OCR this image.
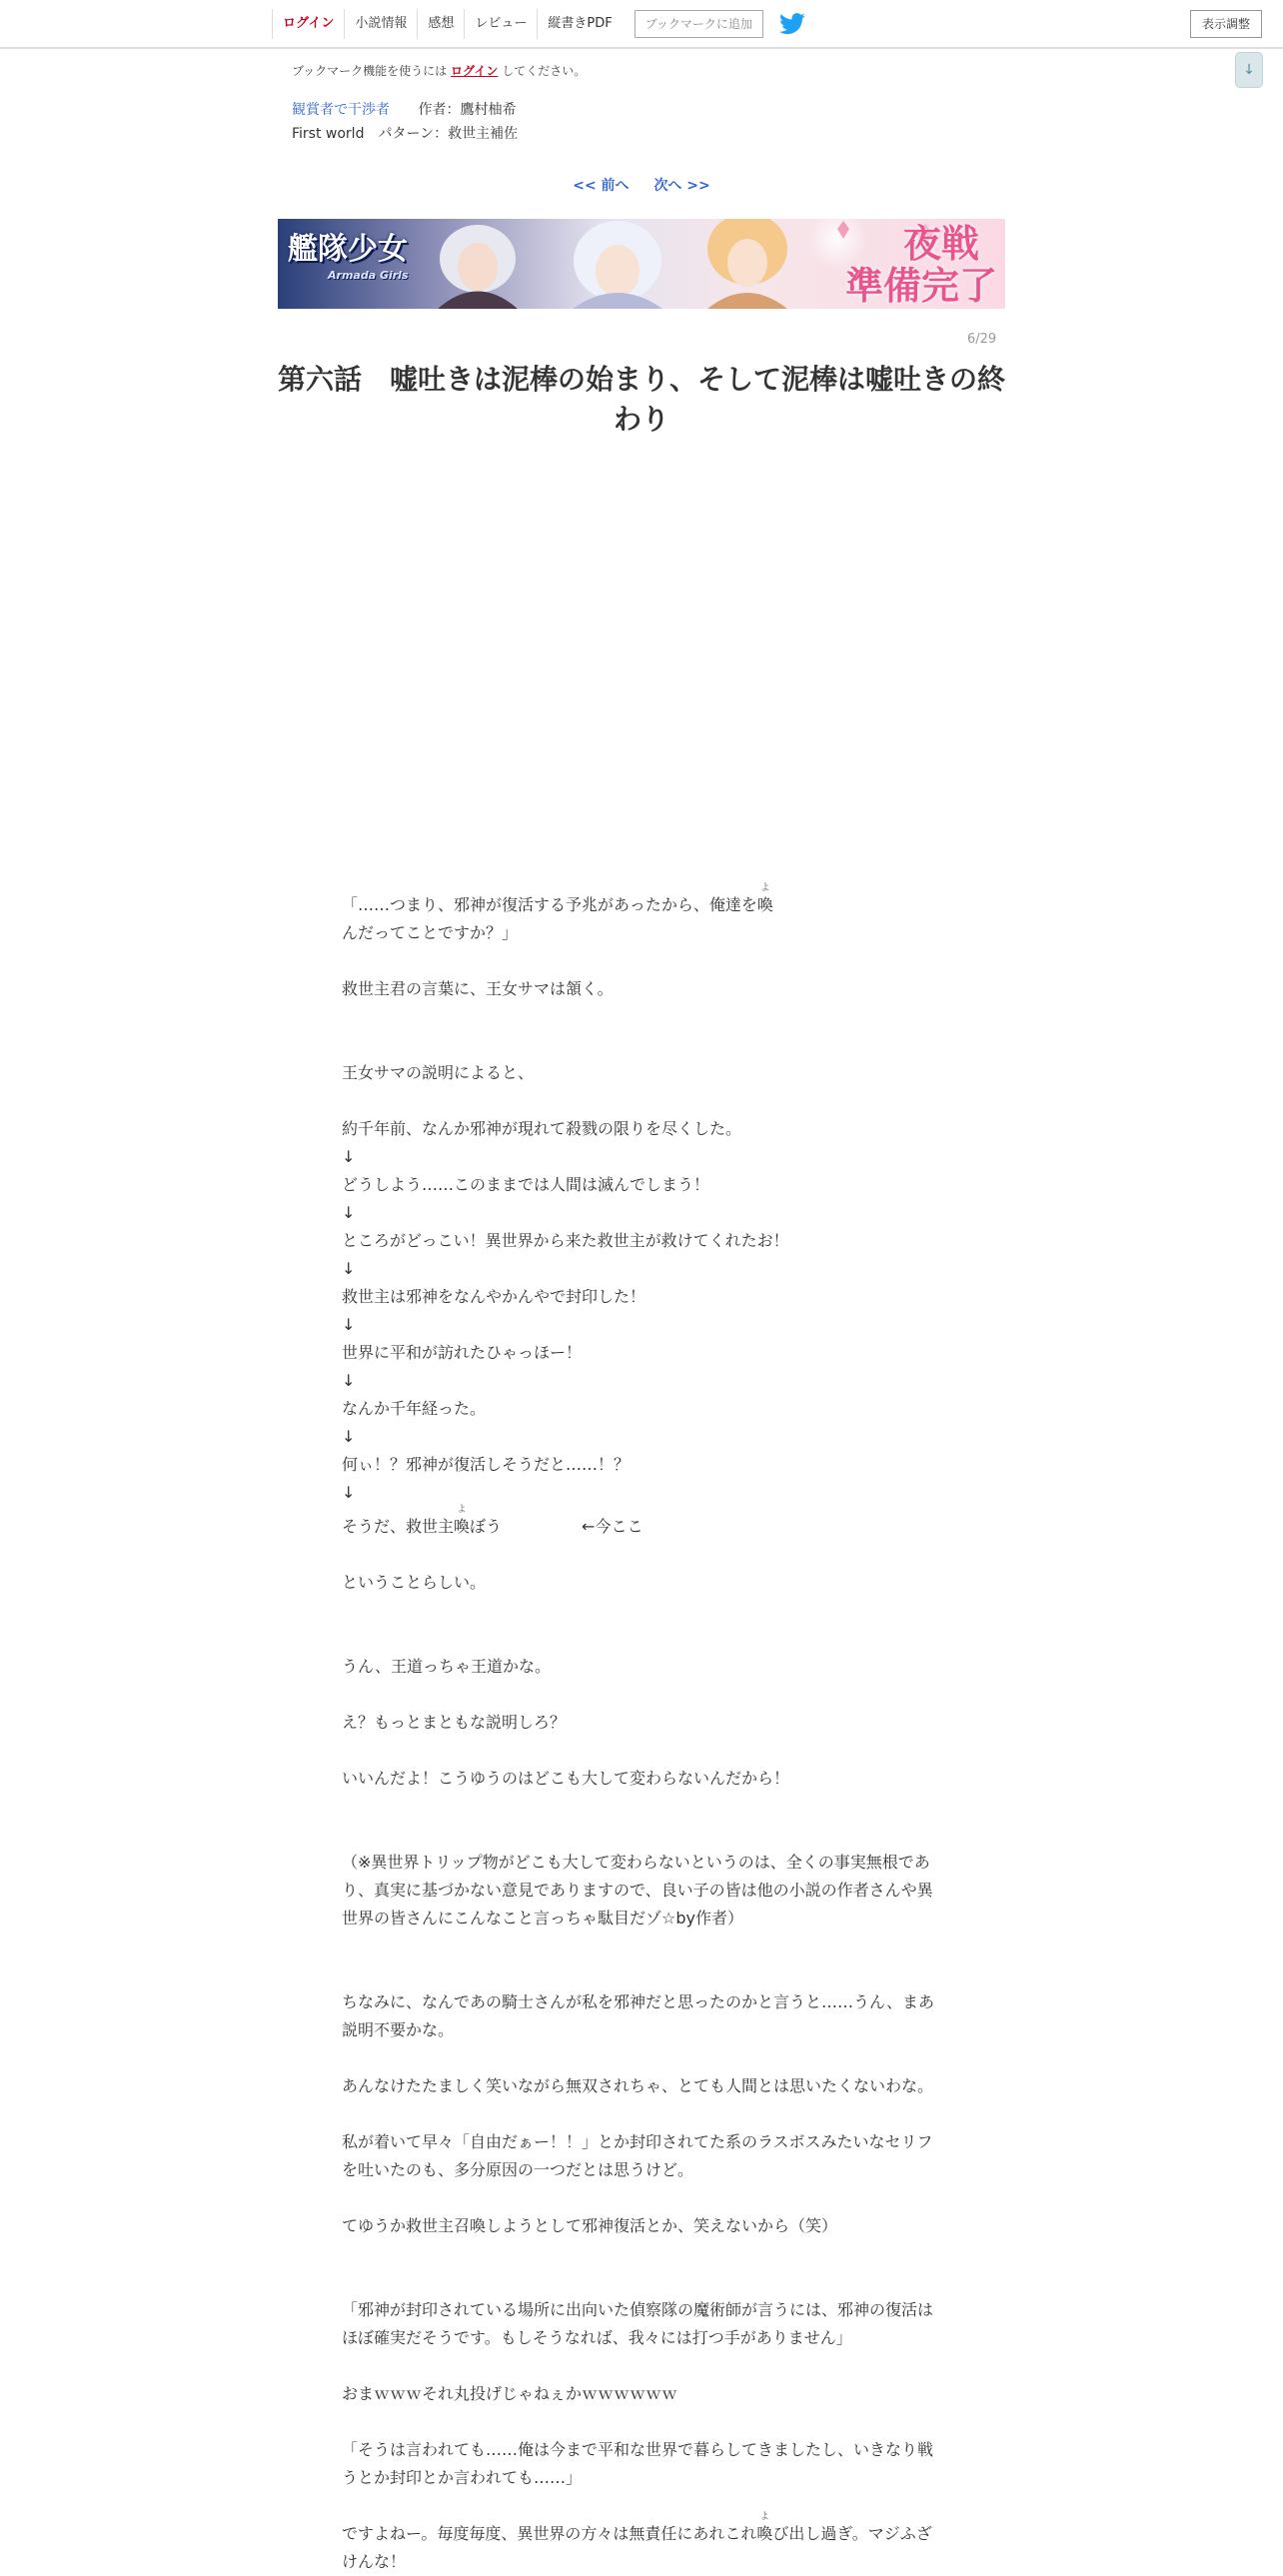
ログイン	小説情報	感想	レビュー	縦書きPDF	ブックマークに追加	表示調整
↓
ブックマーク機能を使うには ログイン してください。
観賞者で干渉者 作者：鷹村柚希
First world　パターン：救世主補佐
<< 前へ 次へ >>
艦隊少女
Armada Girls
夜戦
準備完了
6/29
第六話　嘘吐きは泥棒の始まり、そして泥棒は嘘吐きの終わり

「……つまり、邪神が復活する予兆があったから、俺達を喚
よ
んだってことですか？」

救世主君の言葉に、王女サマは頷く。

王女サマの説明によると、

約千年前、なんか邪神が現れて殺戮の限りを尽くした。

↓

どうしよう……このままでは人間は滅んでしまう！

↓

ところがどっこい！異世界から来た救世主が救けてくれたお！

↓

救世主は邪神をなんやかんやで封印した！

↓

世界に平和が訪れたひゃっほー！

↓

なんか千年経った。

↓

何ぃ！？邪神が復活しそうだと……！？

↓

そうだ、救世主喚
よ
ぼう　　　　　←今ここ

ということらしい。

うん、王道っちゃ王道かな。

え？もっとまともな説明しろ？

いいんだよ！こうゆうのはどこも大して変わらないんだから！

（※異世界トリップ物がどこも大して変わらないというのは、全くの事実無根であり、真実に基づかない意見でありますので、良い子の皆は他の小説の作者さんや異世界の皆さんにこんなこと言っちゃ駄目だゾ☆by作者）

ちなみに、なんであの騎士さんが私を邪神だと思ったのかと言うと……うん、まあ説明不要かな。

あんなけたたましく笑いながら無双されちゃ、とても人間とは思いたくないわな。

私が着いて早々「自由だぁー！！」とか封印されてた系のラスボスみたいなセリフを吐いたのも、多分原因の一つだとは思うけど。

てゆうか救世主召喚しようとして邪神復活とか、笑えないから（笑）

「邪神が封印されている場所に出向いた偵察隊の魔術師が言うには、邪神の復活はほぼ確実だそうです。もしそうなれば、我々には打つ手がありません」

おまｗｗｗそれ丸投げじゃねぇかｗｗｗｗｗｗ

「そうは言われても……俺は今まで平和な世界で暮らしてきましたし、いきなり戦うとか封印とか言われても……」

ですよねー。毎度毎度、異世界の方々は無責任にあれこれ喚
よ
び出し過ぎ。マジふざけんな！
